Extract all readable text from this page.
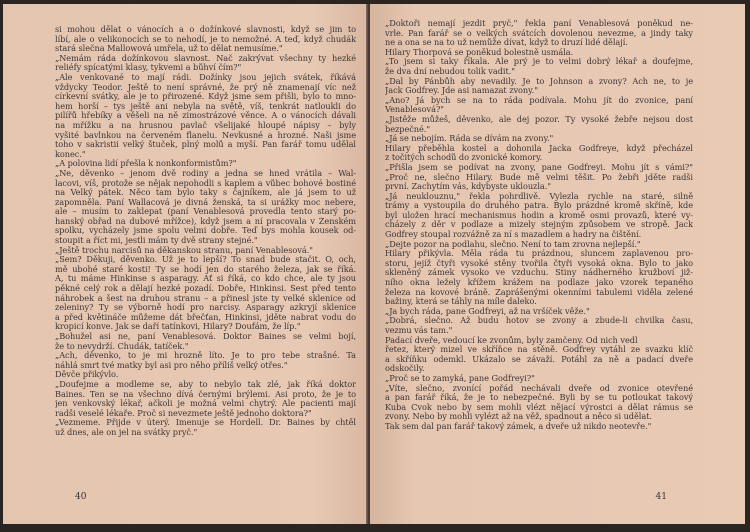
si mohou dělat o vánocích a o dožínkové slavnosti, když se jim to
líbí, ale o velikonocích se to nehodí, je to nemožné. A teď, když chudák
stará slečna Mallowová umřela, už to dělat nemusíme."
„Nemám ráda dožínkovou slavnost. Nač zakrývat všechny ty hezké
reliéfy spícatými klasy, tykvemi a bůhví čím?"
„Ale venkované to mají rádi. Dožínky jsou jejich svátek, říkává
vždycky Teodor. Ještě to není správné, že prý ně znamenají víc než
církevní svátky, ale je to přirozené. Když jsme sem přišli, bylo to mno-
hem horší – tys ještě ani nebyla na světě, víš, tenkrát natloukli do
pilířů hřebíky a věšeli na ně zimostrázové věnce. A o vánocích dávali
na mřížku a na hrusnou pavlač všelijaké hloupé nápisy – byly
vyšité bavlnkou na červeném flanelu. Nevkusné a hrozné. Naši jsme
toho v sakristii velký štuček, plný molů a myší. Pan farář tomu udělal
konec."
„A polovina lidí přešla k nonkonformistům?"
„Ne, děvenko – jenom dvě rodiny a jedna se hned vrátila – Wal-
lacovi, víš, protože se nějak nepohodli s kaplem a vůbec bohové bostiné
na Velký pátek. Něco tam bylo taky s čajníkem, ale já jsem to už
zapomněla. Paní Wallacová je divná ženská, ta si urážky moc nebere,
ale – musím to zaklepat (paní Venablesová provedla tento starý po-
hanský obřad na dubové mřížce), když jsem a ní pracovala v Ženském
spolku, vycházely jsme spolu velmi dobře. Teď bys mohla kousek od-
stoupit a říct mi, jestli mám ty dvě strany stejné."
„Ještě trochu narcisů na děkanskou stranu, paní Venablesová."
„Sem? Děkuji, děvenko. Už je to lepší? To snad bude stačit. Ó, och,
mě ubohé staré kosti! Ty se hodí jen do starého železa, jak se říká.
A, tu máme Hinkinse s asparagy. Ať si říká, co kdo chce, ale ty jsou
pěkné celý rok a dělají hezké pozadí. Dobře, Hinkinsi. Šest před tento
náhrobek a šest na druhou stranu – a přinesl jste ty velké sklenice od
zeleniny? Ty se výborně hodí pro narcisy. Asparagy azkryjí sklenice
a před květináče můžeme dát břečťan, Hinkinsi, jděte nabrat vodu do
kropicí konve. Jak se daří tatínkovi, Hilary? Doufám, že líp."
„Bohužel asi ne, paní Venablesová. Doktor Baines se velmi bojí,
že to nevydrží. Chudák, tatíček."
„Ach, děvenko, to je mi hrozně líto. Je to pro tebe strašné. Ta
náhlá smrt tvé matky byl asi pro něho příliš velký otřes."
Děvče přikývlo.
„Doufejme a modleme se, aby to nebylo tak zlé, jak říká doktor
Baines. Ten se na všechno dívá černými brýlemi. Asi proto, že je to
jen venkovský lékař, ačkoli je možná velmi chytrý. Ale pacienti mají
radši veselé lékaře. Proč si nevezmete ještě jednoho doktora?"
„Vezmeme. Přijde v úterý. Imenuje se Hordell. Dr. Baines by chtěl
už dnes, ale on jel na svátky pryč."
40
„Doktoři nemají jezdit pryč," řekla paní Venablesová poněkud ne-
vrle. Pan farář se o velkých svátcích dovolenou nevezme, a jindy taky
ne a ona se na to už nemůže dívat, když to druzí lidé dělají.
Hilary Thorpová se poněkud bolestně usmála.
„To jsem si taky říkala. Ale prý je to velmi dobrý lékař a doufejme,
že dva dní nebudou tolik vadit."
„Dal by Pánbůh aby nevadily. Je to Johnson a zvony? Ach ne, to je
Jack Godfrey. Jde asi namazat zvony."
„Ano? Já bych se na to ráda podívala. Mohu jít do zvonice, paní
Venablesová?"
„Jistěže můžeš, děvenko, ale dej pozor. Ty vysoké žebře nejsou dost
bezpečné."
„Já se nebojím. Ráda se dívám na zvony."
Hilary přeběhla kostel a dohonila Jacka Godfreye, když přecházel
z točitých schodů do zvonické komory.
„Přišla jsem se podívat na zvony, pane Godfreyi. Mohu jít s vámi?"
„Proč ne, slečno Hilary. Bude mě velmi těšit. Po žebři jděte radši
první. Zachytím vás, kdybyste uklouzla."
„Já neuklouznu," řekla pohrdlivě. Vylezla rychle na staré, silně
trámy a vystoupila do druhého patra. Bylo prázdné kromě skříně, kde
byl uložen hrací mechanismus hodin a kromě osmi provazů, které vy-
cházely z děr v podlaze a mizely stejným způsobem ve stropě. Jack
Godfrey stoupal rozvážně za ní s mazadlem a hadry na čištění.
„Dejte pozor na podlahu, slečno. Není to tam zrovna nejlepší."
Hilary přikývla. Měla ráda tu prázdnou, sluncem zaplavenou pro-
storu, jejíž čtyři vysoké stěny tvořila čtyři vysoká okna. Bylo to jako
skleněný zámek vysoko ve vzduchu. Stiny nádherného kružboví již-
ního okna ležely křížem krážem na podlaze jako vzorek tepaného
železa na kovové bráně. Zaprášenými okenními tabulemi viděla zelené
bažiny, která se táhly na míle daleko.
„Ja bych ráda, pane Godfreyi, až na vršíček věže."
„Dobrá, slečno. Až budu hotov se zvony a zbude-li chvilka času,
vezmu vás tam."
Padací dveře, vedoucí ke zvonům, byly zamčeny. Od nich vedl
řetez, který mizel ve skříňce na stěně. Godfrey vytáhl ze svazku klíč
a skříňku odemkl. Ukázalo se závaží. Potáhl za ně a padací dveře
odskočily.
„Proč se to zamyká, pane Godfreyi?"
„Víte, slečno, zvonící pořád nechávali dveře od zvonice otevřené
a pan farář říká, že je to nebezpečné. Byli by se tu potloukat takový
Kuba Cvok nebo by sem mohli vlézt nějací výrostci a dělat rámus se
zvony. Nebo by mohli vylézt až na věž, spadnout a něco si udělat.
Tak sem dal pan farář takový zámek, a dveře už nikdo neotevře."
41
